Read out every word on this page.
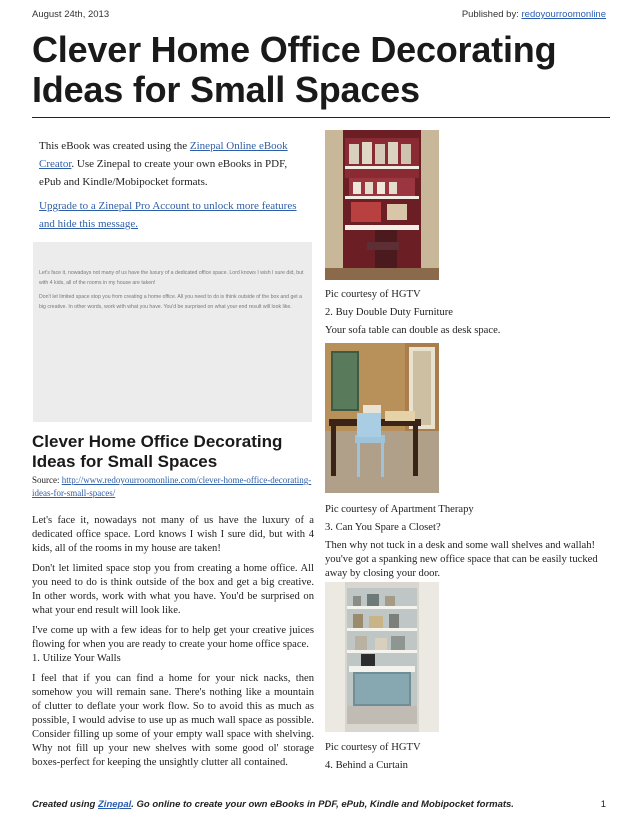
August 24th, 2013	Published by: redoyourroomonline
Clever Home Office Decorating Ideas for Small Spaces

This eBook was created using the Zinepal Online eBook Creator. Use Zinepal to create your own eBooks in PDF, ePub and Kindle/Mobipocket formats.

Upgrade to a Zinepal Pro Account to unlock more features and hide this message.

Let's face it, nowadays not many of us have the luxury of a dedicated office space. Lord knows I wish I sure did, but with 4 kids, all of the rooms in my house are taken!

Don't let limited space stop you from creating a home office. All you need to do is think outside of the box and get a big creative. In other words, work with what you have. You'd be surprised on what your end result will look like.

Clever Home Office Decorating Ideas for Small Spaces
Source: http://www.redoyourroomonline.com/clever-home-office-decorating-ideas-for-small-spaces/

Let's face it, nowadays not many of us have the luxury of a dedicated office space. Lord knows I wish I sure did, but with 4 kids, all of the rooms in my house are taken!

Don't let limited space stop you from creating a home office. All you need to do is think outside of the box and get a big creative. In other words, work with what you have. You'd be surprised on what your end result will look like.

I've come up with a few ideas for to help get your creative juices flowing for when you are ready to create your home office space.

1. Utilize Your Walls

I feel that if you can find a home for your nick nacks, then somehow you will remain sane. There's nothing like a mountain of clutter to deflate your work flow. So to avoid this as much as possible, I would advise to use up as much wall space as possible. Consider filling up some of your empty wall space with shelving. Why not fill up your new shelves with some good ol' storage boxes-perfect for keeping the unsightly clutter all contained.

Pic courtesy of HGTV

2. Buy Double Duty Furniture

Your sofa table can double as desk space.

Pic courtesy of Apartment Therapy

3. Can You Spare a Closet?

Then why not tuck in a desk and some wall shelves and wallah! you've got a spanking new office space that can be easily tucked away by closing your door.

Pic courtesy of HGTV

4. Behind a Curtain

Created using Zinepal. Go online to create your own eBooks in PDF, ePub, Kindle and Mobipocket formats.	1
